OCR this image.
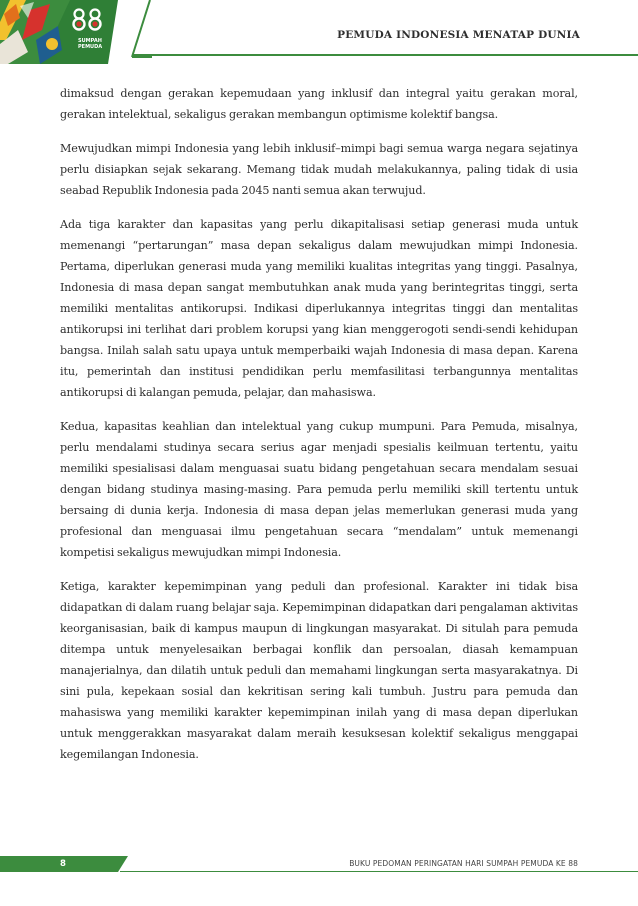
SUMPAH
PEMUDA
PEMUDA INDONESIA MENATAP DUNIA

dimaksud dengan gerakan kepemudaan yang inklusif dan integral yaitu gerakan moral, gerakan intelektual, sekaligus gerakan membangun optimisme kolektif bangsa.

Mewujudkan mimpi Indonesia yang lebih inklusif–mimpi bagi semua warga negara sejatinya perlu disiapkan sejak sekarang. Memang tidak mudah melakukannya, paling tidak di usia seabad Republik Indonesia pada 2045 nanti semua akan terwujud.

Ada tiga karakter dan kapasitas yang perlu dikapitalisasi setiap generasi muda untuk memenangi “pertarungan” masa depan sekaligus dalam mewujudkan mimpi Indonesia. Pertama, diperlukan generasi muda yang memiliki kualitas integritas yang tinggi. Pasalnya, Indonesia di masa depan sangat membutuhkan anak muda yang berintegritas tinggi, serta memiliki mentalitas antikorupsi. Indikasi diperlukannya integritas tinggi dan mentalitas antikorupsi ini terlihat dari problem korupsi yang kian menggerogoti sendi-sendi kehidupan bangsa. Inilah salah satu upaya untuk memperbaiki wajah Indonesia di masa depan. Karena itu, pemerintah dan institusi pendidikan perlu memfasilitasi terbangunnya mentalitas antikorupsi di kalangan pemuda, pelajar, dan mahasiswa.

Kedua, kapasitas keahlian dan intelektual yang cukup mumpuni. Para Pemuda, misalnya, perlu mendalami studinya secara serius agar menjadi spesialis keilmuan tertentu, yaitu memiliki spesialisasi dalam menguasai suatu bidang pengetahuan secara mendalam sesuai dengan bidang studinya masing-masing. Para pemuda perlu memiliki skill tertentu untuk bersaing di dunia kerja. Indonesia di masa depan jelas memerlukan generasi muda yang profesional dan menguasai ilmu pengetahuan secara “mendalam” untuk memenangi kompetisi sekaligus mewujudkan mimpi Indonesia.

Ketiga, karakter kepemimpinan yang peduli dan profesional. Karakter ini tidak bisa didapatkan di dalam ruang belajar saja. Kepemimpinan didapatkan dari pengalaman aktivitas keorganisasian, baik di kampus maupun di lingkungan masyarakat. Di situlah para pemuda ditempa untuk menyelesaikan berbagai konflik dan persoalan, diasah kemampuan manajerialnya, dan dilatih untuk peduli dan memahami lingkungan serta masyarakatnya. Di sini pula, kepekaan sosial dan kekritisan sering kali tumbuh. Justru para pemuda dan mahasiswa yang memiliki karakter kepemimpinan inilah yang di masa depan diperlukan untuk menggerakkan masyarakat dalam meraih kesuksesan kolektif sekaligus menggapai kegemilangan Indonesia.

8	BUKU PEDOMAN PERINGATAN HARI SUMPAH PEMUDA KE 88
